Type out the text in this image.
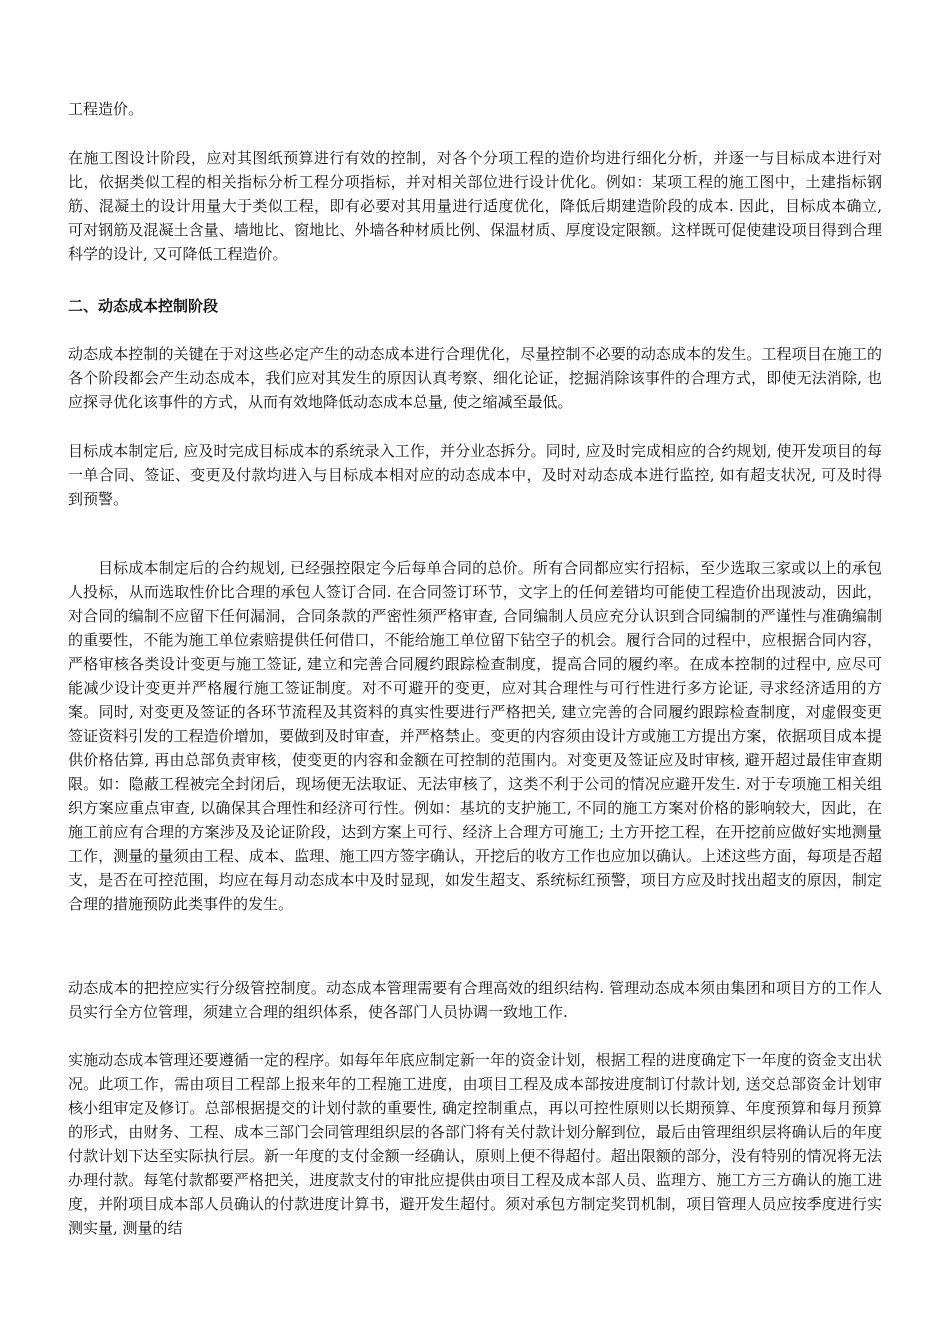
工程造价。

在施工图设计阶段，应对其图纸预算进行有效的控制，对各个分项工程的造价均进行细化分析，并逐一与目标成本进行对比，依据类似工程的相关指标分析工程分项指标，并对相关部位进行设计优化。例如：某项工程的施工图中，土建指标钢筋、混凝土的设计用量大于类似工程，即有必要对其用量进行适度优化，降低后期建造阶段的成本. 因此，目标成本确立, 可对钢筋及混凝土含量、墙地比、窗地比、外墙各种材质比例、保温材质、厚度设定限额。这样既可促使建设项目得到合理科学的设计, 又可降低工程造价。

二、动态成本控制阶段

动态成本控制的关键在于对这些必定产生的动态成本进行合理优化，尽量控制不必要的动态成本的发生。工程项目在施工的各个阶段都会产生动态成本，我们应对其发生的原因认真考察、细化论证，挖掘消除该事件的合理方式，即使无法消除, 也应探寻优化该事件的方式，从而有效地降低动态成本总量, 使之缩减至最低。

目标成本制定后, 应及时完成目标成本的系统录入工作，并分业态拆分。同时, 应及时完成相应的合约规划, 使开发项目的每一单合同、签证、变更及付款均进入与目标成本相对应的动态成本中，及时对动态成本进行监控, 如有超支状况, 可及时得到预警。

目标成本制定后的合约规划, 已经强控限定今后每单合同的总价。所有合同都应实行招标，至少选取三家或以上的承包人投标，从而选取性价比合理的承包人签订合同. 在合同签订环节，文字上的任何差错均可能使工程造价出现波动，因此，对合同的编制不应留下任何漏洞，合同条款的严密性须严格审查, 合同编制人员应充分认识到合同编制的严谨性与准确编制的重要性，不能为施工单位索赔提供任何借口，不能给施工单位留下钻空子的机会。履行合同的过程中，应根据合同内容，严格审核各类设计变更与施工签证, 建立和完善合同履约跟踪检查制度，提高合同的履约率。在成本控制的过程中, 应尽可能减少设计变更并严格履行施工签证制度。对不可避开的变更，应对其合理性与可行性进行多方论证, 寻求经济适用的方案。同时, 对变更及签证的各环节流程及其资料的真实性要进行严格把关, 建立完善的合同履约跟踪检查制度，对虚假变更签证资料引发的工程造价增加，要做到及时审查，并严格禁止。变更的内容须由设计方或施工方提出方案，依据项目成本提供价格估算, 再由总部负责审核，使变更的内容和金额在可控制的范围内。对变更及签证应及时审核, 避开超过最佳审查期限。如：隐蔽工程被完全封闭后，现场便无法取证、无法审核了，这类不利于公司的情况应避开发生. 对于专项施工相关组织方案应重点审查, 以确保其合理性和经济可行性。例如：基坑的支护施工, 不同的施工方案对价格的影响较大，因此，在施工前应有合理的方案涉及及论证阶段，达到方案上可行、经济上合理方可施工; 土方开挖工程，在开挖前应做好实地测量工作，测量的量须由工程、成本、监理、施工四方签字确认，开挖后的收方工作也应加以确认。上述这些方面，每项是否超支，是否在可控范围，均应在每月动态成本中及时显现，如发生超支、系统标红预警，项目方应及时找出超支的原因，制定合理的措施预防此类事件的发生。

动态成本的把控应实行分级管控制度。动态成本管理需要有合理高效的组织结构. 管理动态成本须由集团和项目方的工作人员实行全方位管理，须建立合理的组织体系，使各部门人员协调一致地工作.

实施动态成本管理还要遵循一定的程序。如每年年底应制定新一年的资金计划，根据工程的进度确定下一年度的资金支出状况。此项工作，需由项目工程部上报来年的工程施工进度，由项目工程及成本部按进度制订付款计划, 送交总部资金计划审核小组审定及修订。总部根据提交的计划付款的重要性, 确定控制重点，再以可控性原则以长期预算、年度预算和每月预算的形式，由财务、工程、成本三部门会同管理组织层的各部门将有关付款计划分解到位，最后由管理组织层将确认后的年度付款计划下达至实际执行层。新一年度的支付金额一经确认，原则上便不得超付。超出限额的部分，没有特别的情况将无法办理付款。每笔付款都要严格把关，进度款支付的审批应提供由项目工程及成本部人员、监理方、施工方三方确认的施工进度，并附项目成本部人员确认的付款进度计算书，避开发生超付。须对承包方制定奖罚机制，项目管理人员应按季度进行实测实量, 测量的结
